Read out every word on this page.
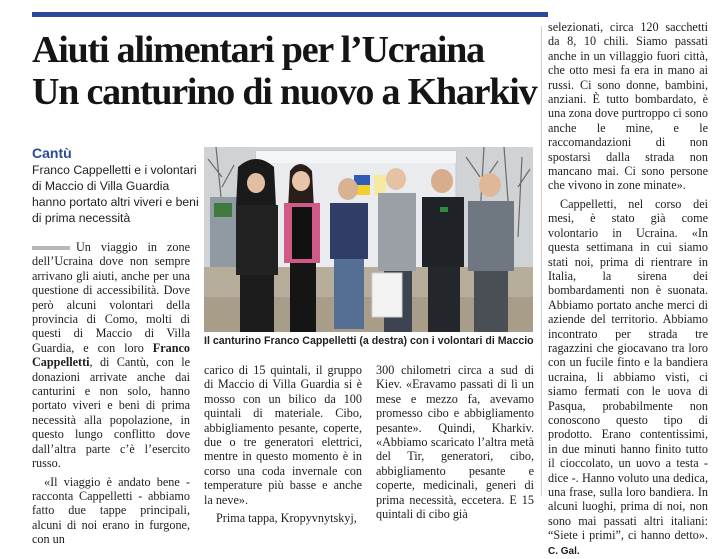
Aiuti alimentari per l’Ucraina
Un canturino di nuovo a Kharkiv
Cantù
Franco Cappelletti e i volontari di Maccio di Villa Guardia hanno portato altri viveri e beni di prima necessità
Il canturino Franco Cappelletti (a destra) con i volontari di Maccio

Un viaggio in zone dell’Ucraina dove non sempre arrivano gli aiuti, anche per una questione di accessibilità. Dove però alcuni volontari della provincia di Como, molti di questi di Maccio di Villa Guardia, e con loro Franco Cappelletti, di Cantù, con le donazioni arrivate anche dai canturini e non solo, hanno portato viveri e beni di prima necessità alla popolazione, in questo lungo conflitto dove dall’altra parte c’è l’esercito russo.

«Il viaggio è andato bene - racconta Cappelletti - abbiamo fatto due tappe principali, alcuni di noi erano in furgone, con un

carico di 15 quintali, il gruppo di Maccio di Villa Guardia si è mosso con un bilico da 100 quintali di materiale. Cibo, abbigliamento pesante, coperte, due o tre generatori elettrici, mentre in questo momento è in corso una coda invernale con temperature più basse e anche la neve».

Prima tappa, Kropyvnytskyj,

300 chilometri circa a sud di Kiev. «Eravamo passati di lì un mese e mezzo fa, avevamo promesso cibo e abbigliamento pesante». Quindi, Kharkiv. «Abbiamo scaricato l’altra metà del Tir, generatori, cibo, abbigliamento pesante e coperte, medicinali, generi di prima necessità, eccetera. E 15 quintali di cibo già

selezionati, circa 120 sacchetti da 8, 10 chili. Siamo passati anche in un villaggio fuori città, che otto mesi fa era in mano ai russi. Ci sono donne, bambini, anziani. È tutto bombardato, è una zona dove purtroppo ci sono anche le mine, e le raccomandazioni di non spostarsi dalla strada non mancano mai. Ci sono persone che vivono in zone minate».

Cappelletti, nel corso dei mesi, è stato già come volontario in Ucraina. «In questa settimana in cui siamo stati noi, prima di rientrare in Italia, la sirena dei bombardamenti non è suonata. Abbiamo portato anche merci di aziende del territorio. Abbiamo incontrato per strada tre ragazzini che giocavano tra loro con un fucile finto e la bandiera ucraina, li abbiamo visti, ci siamo fermati con le uova di Pasqua, probabilmente non conoscono questo tipo di prodotto. Erano contentissimi, in due minuti hanno finito tutto il cioccolato, un uovo a testa - dice -. Hanno voluto una dedica, una frase, sulla loro bandiera. In alcuni luoghi, prima di noi, non sono mai passati altri italiani: “Siete i primi”, ci hanno detto». C. Gal.
